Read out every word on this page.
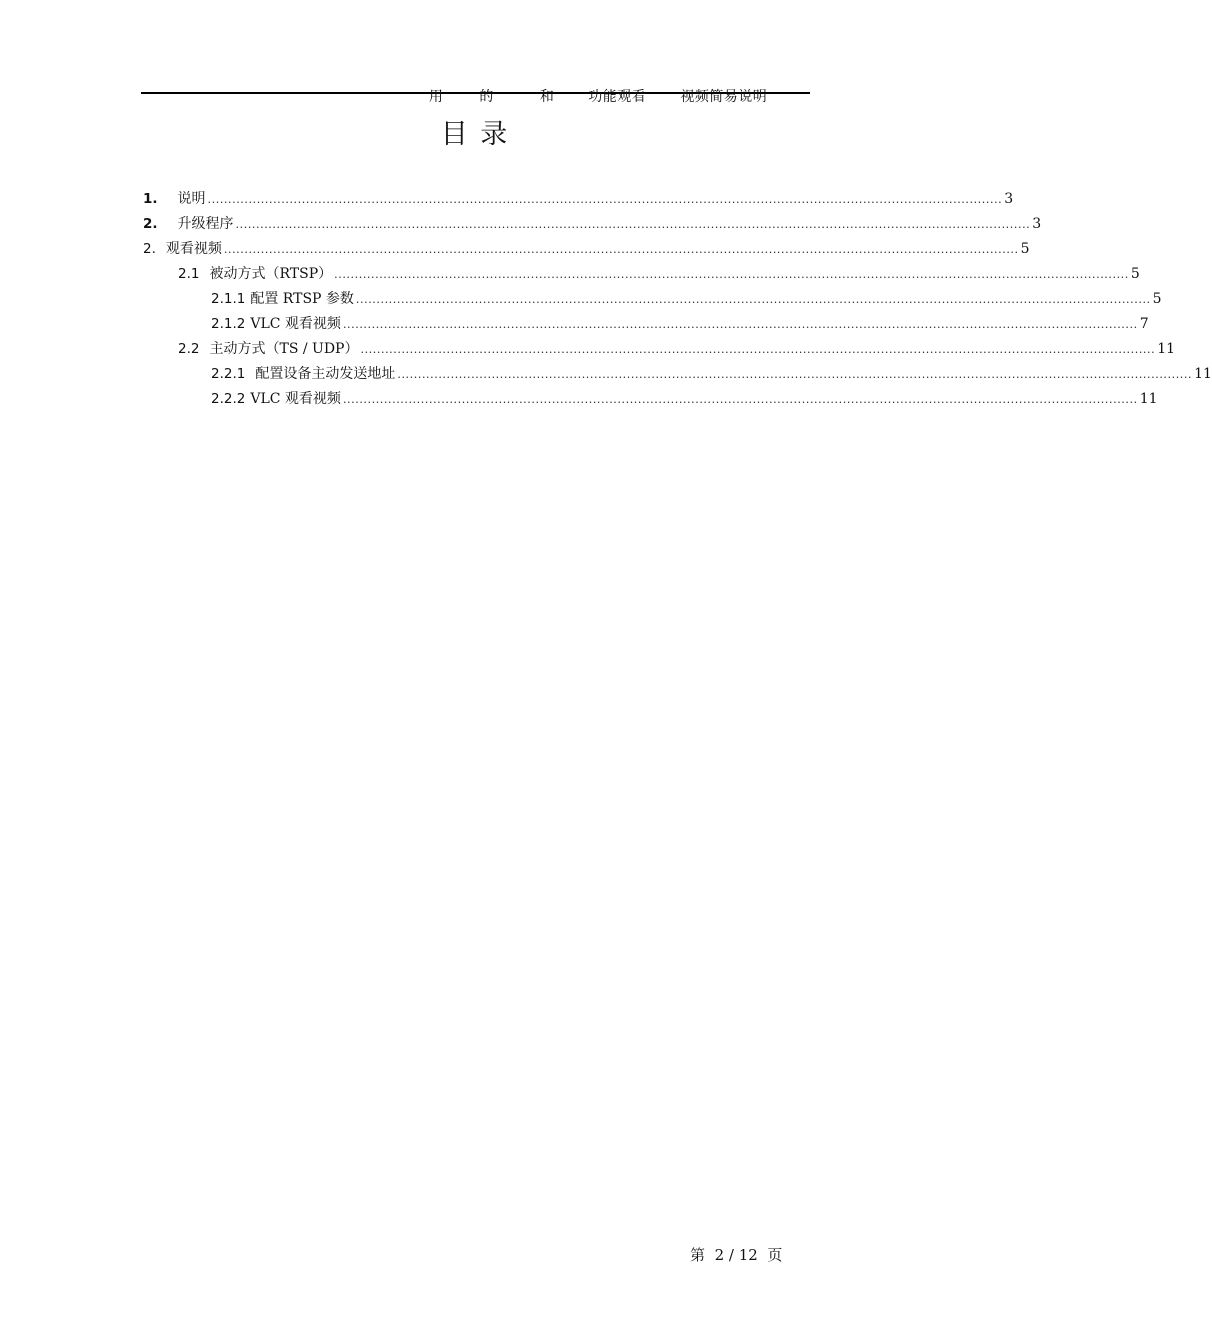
用	的	和 功能观看 视频简易说明

目 录
1. 说明 .................................................................................................................................................................................................. 3
2. 升级程序 .................................................................................................................................................................................................. 3
2. 观看视频 .................................................................................................................................................................................................. 5
2.1 被动方式（RTSP） .................................................................................................................................................................................................. 5
2.1.1 配置 RTSP 参数 .................................................................................................................................................................................................. 5
2.1.2 VLC 观看视频 .................................................................................................................................................................................................. 7
2.2 主动方式（TS / UDP） .................................................................................................................................................................................................. 11
2.2.1 配置设备主动发送地址 .................................................................................................................................................................................................. 11
2.2.2 VLC 观看视频 .................................................................................................................................................................................................. 11
第 2 / 12 页
